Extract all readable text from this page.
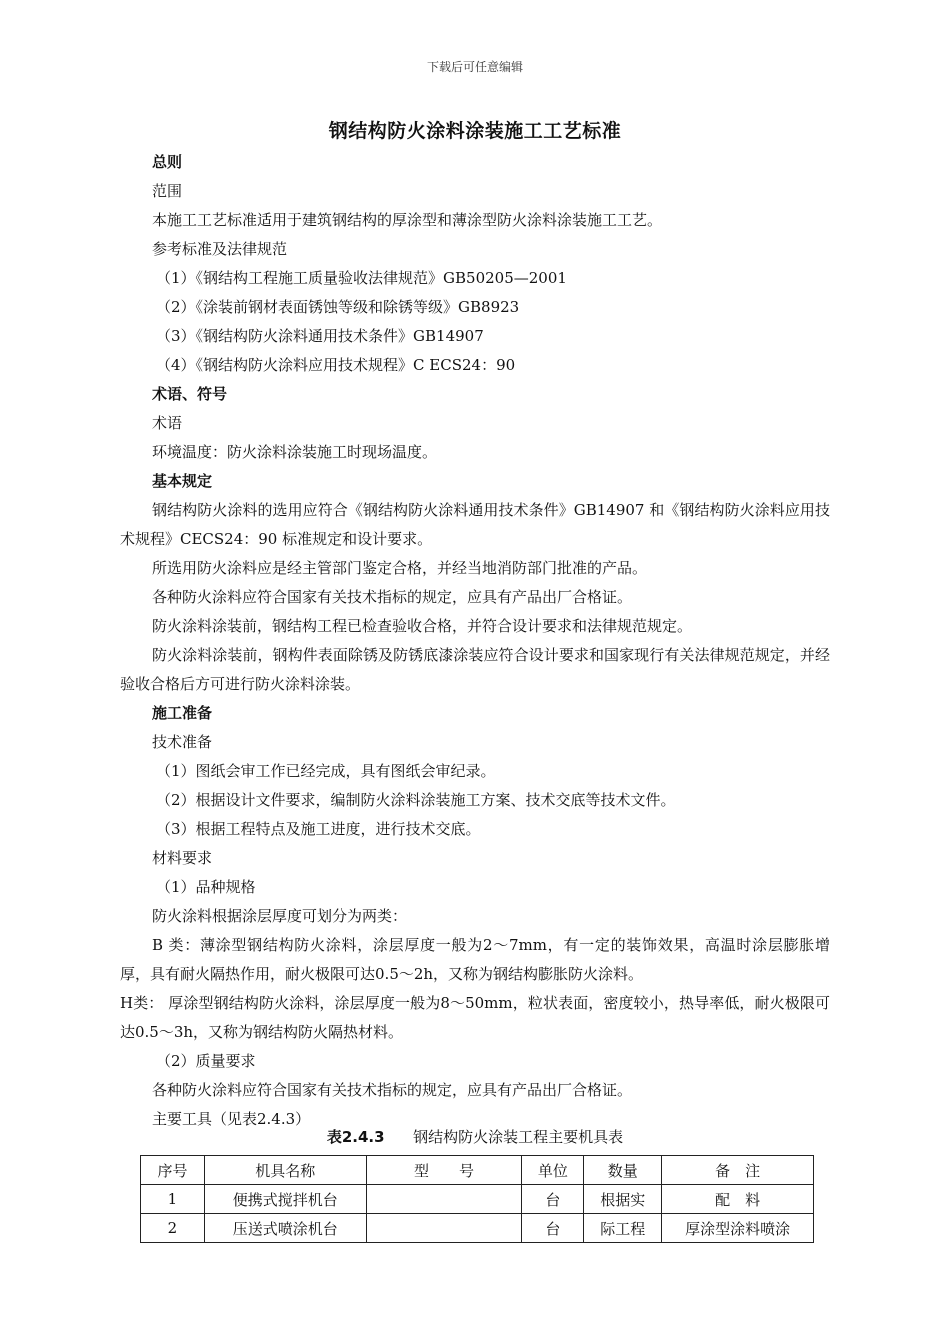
下载后可任意编辑
钢结构防火涂料涂装施工工艺标准
总则
范围
本施工工艺标准适用于建筑钢结构的厚涂型和薄涂型防火涂料涂装施工工艺。
参考标准及法律规范
（1）《钢结构工程施工质量验收法律规范》GB50205—2001
（2）《涂装前钢材表面锈蚀等级和除锈等级》GB8923
（3）《钢结构防火涂料通用技术条件》GB14907
（4）《钢结构防火涂料应用技术规程》C ECS24：90
术语、符号
术语
环境温度：防火涂料涂装施工时现场温度。
基本规定
钢结构防火涂料的选用应符合《钢结构防火涂料通用技术条件》GB14907 和《钢结构防火涂料应用技术规程》CECS24：90 标准规定和设计要求。
所选用防火涂料应是经主管部门鉴定合格，并经当地消防部门批准的产品。
各种防火涂料应符合国家有关技术指标的规定，应具有产品出厂合格证。
防火涂料涂装前，钢结构工程已检查验收合格，并符合设计要求和法律规范规定。
防火涂料涂装前，钢构件表面除锈及防锈底漆涂装应符合设计要求和国家现行有关法律规范规定，并经验收合格后方可进行防火涂料涂装。
施工准备
技术准备
（1）图纸会审工作已经完成，具有图纸会审纪录。
（2）根据设计文件要求，编制防火涂料涂装施工方案、技术交底等技术文件。
（3）根据工程特点及施工进度，进行技术交底。
材料要求
（1）品种规格
防火涂料根据涂层厚度可划分为两类：
B 类：薄涂型钢结构防火涂料，涂层厚度一般为2～7mm，有一定的装饰效果，高温时涂层膨胀增厚，具有耐火隔热作用，耐火极限可达0.5～2h，又称为钢结构膨胀防火涂料。
H类： 厚涂型钢结构防火涂料，涂层厚度一般为8～50mm，粒状表面，密度较小，热导率低，耐火极限可达0.5～3h，又称为钢结构防火隔热材料。
（2）质量要求
各种防火涂料应符合国家有关技术指标的规定，应具有产品出厂合格证。
主要工具（见表2.4.3）
表2.4.3 钢结构防火涂装工程主要机具表
序号	机具名称	型　　号	单位	数量	备　注
1	便携式搅拌机台		台	根据实	配　料
2	压送式喷涂机台		台	际工程	厚涂型涂料喷涂
